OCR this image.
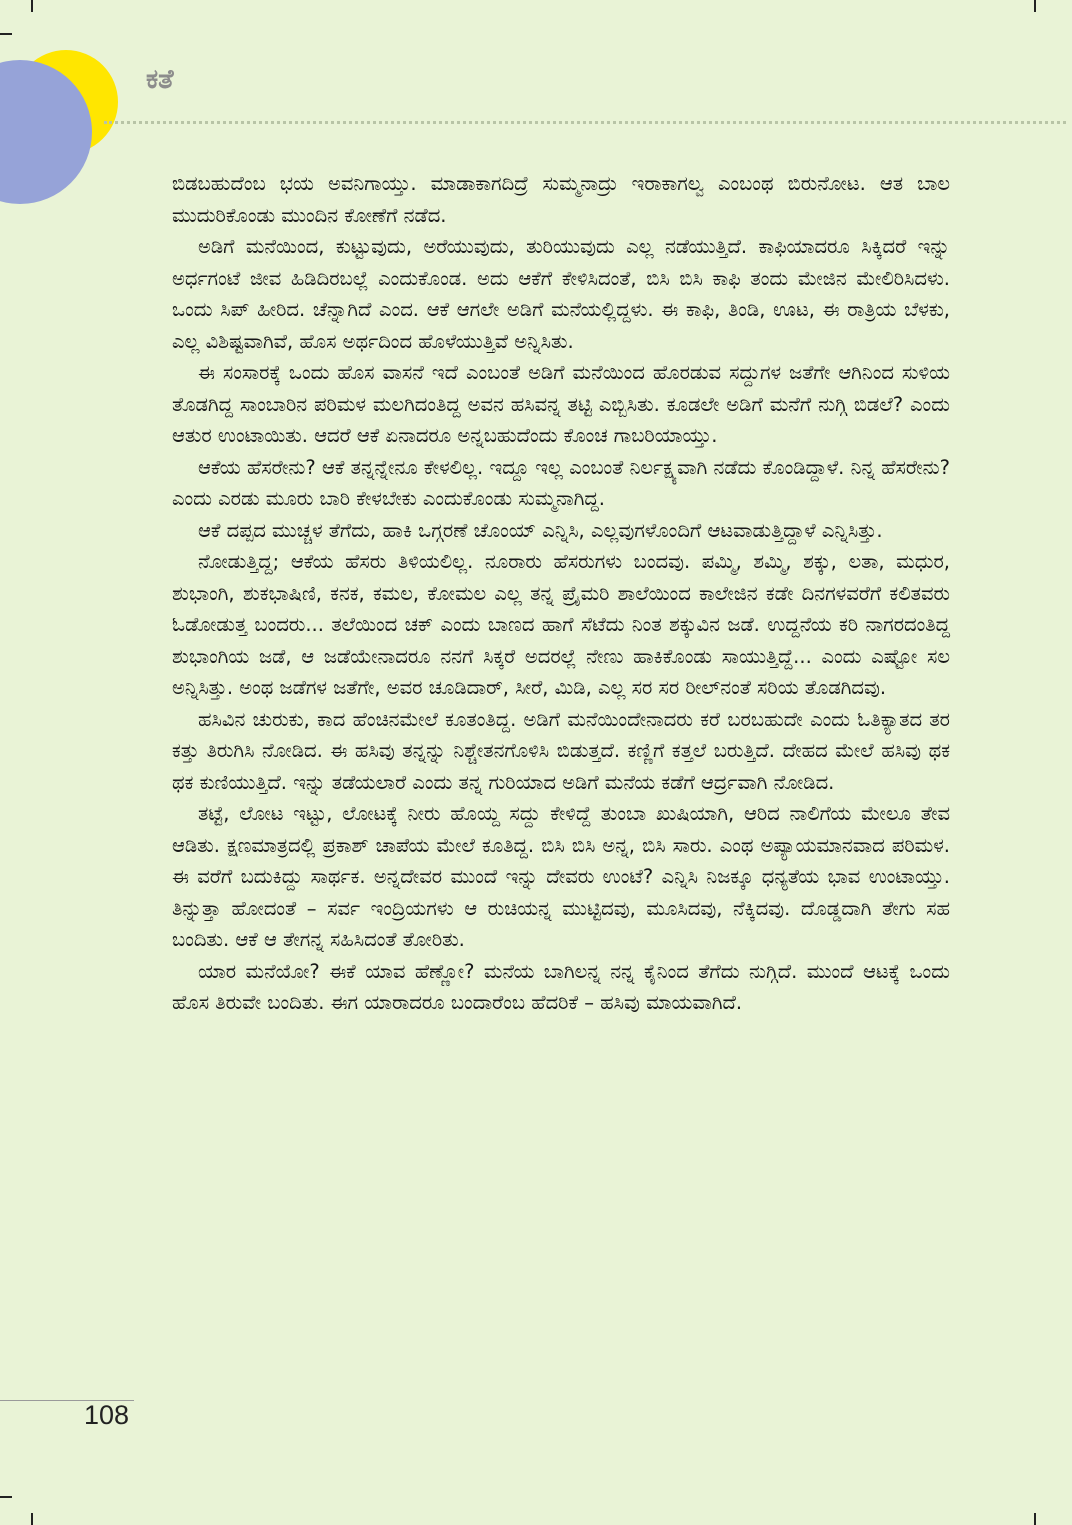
ಕತೆ

ಬಿಡಬಹುದೆಂಬ ಭಯ ಅವನಿಗಾಯ್ತು. ಮಾಡಾಕಾಗದಿದ್ರೆ ಸುಮ್ಮನಾದ್ರು ಇರಾಕಾಗಲ್ವ ಎಂಬಂಥ ಬಿರುನೋಟ. ಆತ ಬಾಲ ಮುದುರಿಕೊಂಡು ಮುಂದಿನ ಕೋಣೆಗೆ ನಡೆದ.

ಅಡಿಗೆ ಮನೆಯಿಂದ, ಕುಟ್ಟುವುದು, ಅರೆಯುವುದು, ತುರಿಯುವುದು ಎಲ್ಲ ನಡೆಯುತ್ತಿದೆ. ಕಾಫಿಯಾದರೂ ಸಿಕ್ಕಿದರೆ ಇನ್ನು ಅರ್ಧಗಂಟೆ ಜೀವ ಹಿಡಿದಿರಬಲ್ಲೆ ಎಂದುಕೊಂಡ. ಅದು ಆಕೆಗೆ ಕೇಳಿಸಿದಂತೆ, ಬಿಸಿ ಬಿಸಿ ಕಾಫಿ ತಂದು ಮೇಜಿನ ಮೇಲಿರಿಸಿದಳು. ಒಂದು ಸಿಪ್ ಹೀರಿದ. ಚೆನ್ನಾಗಿದೆ ಎಂದ. ಆಕೆ ಆಗಲೇ ಅಡಿಗೆ ಮನೆಯಲ್ಲಿದ್ದಳು. ಈ ಕಾಫಿ, ತಿಂಡಿ, ಊಟ, ಈ ರಾತ್ರಿಯ ಬೆಳಕು, ಎಲ್ಲ ವಿಶಿಷ್ಟವಾಗಿವೆ, ಹೊಸ ಅರ್ಥದಿಂದ ಹೊಳೆಯುತ್ತಿವೆ ಅನ್ನಿಸಿತು.

ಈ ಸಂಸಾರಕ್ಕೆ ಒಂದು ಹೊಸ ವಾಸನೆ ಇದೆ ಎಂಬಂತೆ ಅಡಿಗೆ ಮನೆಯಿಂದ ಹೊರಡುವ ಸದ್ದುಗಳ ಜತೆಗೇ ಆಗಿನಿಂದ ಸುಳಿಯ ತೊಡಗಿದ್ದ ಸಾಂಬಾರಿನ ಪರಿಮಳ ಮಲಗಿದಂತಿದ್ದ ಅವನ ಹಸಿವನ್ನ ತಟ್ಟಿ ಎಬ್ಬಿಸಿತು. ಕೂಡಲೇ ಅಡಿಗೆ ಮನೆಗೆ ನುಗ್ಗಿ ಬಿಡಲೆ? ಎಂದು ಆತುರ ಉಂಟಾಯಿತು. ಆದರೆ ಆಕೆ ಏನಾದರೂ ಅನ್ನಬಹುದೆಂದು ಕೊಂಚ ಗಾಬರಿಯಾಯ್ತು.

ಆಕೆಯ ಹೆಸರೇನು? ಆಕೆ ತನ್ನನ್ನೇನೂ ಕೇಳಲಿಲ್ಲ. ಇದ್ದೂ ಇಲ್ಲ ಎಂಬಂತೆ ನಿರ್ಲಕ್ಷ್ಯವಾಗಿ ನಡೆದು ಕೊಂಡಿದ್ದಾಳೆ. ನಿನ್ನ ಹೆಸರೇನು? ಎಂದು ಎರಡು ಮೂರು ಬಾರಿ ಕೇಳಬೇಕು ಎಂದುಕೊಂಡು ಸುಮ್ಮನಾಗಿದ್ದ.

ಆಕೆ ದಪ್ಪದ ಮುಚ್ಚಳ ತೆಗೆದು, ಹಾಕಿ ಒಗ್ಗರಣೆ ಚೊಂಯ್ ಎನ್ನಿಸಿ, ಎಲ್ಲವುಗಳೊಂದಿಗೆ ಆಟವಾಡುತ್ತಿದ್ದಾಳೆ ಎನ್ನಿಸಿತ್ತು.

ನೋಡುತ್ತಿದ್ದ; ಆಕೆಯ ಹೆಸರು ತಿಳಿಯಲಿಲ್ಲ. ನೂರಾರು ಹೆಸರುಗಳು ಬಂದವು. ಪಮ್ಮಿ, ಶಮ್ಮಿ, ಶಕ್ಕು, ಲತಾ, ಮಧುರ, ಶುಭಾಂಗಿ, ಶುಕಭಾಷಿಣಿ, ಕನಕ, ಕಮಲ, ಕೋಮಲ ಎಲ್ಲ ತನ್ನ ಪ್ರೈಮರಿ ಶಾಲೆಯಿಂದ ಕಾಲೇಜಿನ ಕಡೇ ದಿನಗಳವರೆಗೆ ಕಲಿತವರು ಓಡೋಡುತ್ತ ಬಂದರು... ತಲೆಯಿಂದ ಚಕ್ ಎಂದು ಬಾಣದ ಹಾಗೆ ಸೆಟೆದು ನಿಂತ ಶಕ್ಕುವಿನ ಜಡೆ. ಉದ್ದನೆಯ ಕರಿ ನಾಗರದಂತಿದ್ದ ಶುಭಾಂಗಿಯ ಜಡೆ, ಆ ಜಡೆಯೇನಾದರೂ ನನಗೆ ಸಿಕ್ಕರೆ ಅದರಲ್ಲೆ ನೇಣು ಹಾಕಿಕೊಂಡು ಸಾಯುತ್ತಿದ್ದೆ... ಎಂದು ಎಷ್ಟೋ ಸಲ ಅನ್ನಿಸಿತ್ತು. ಅಂಥ ಜಡೆಗಳ ಜತೆಗೇ, ಅವರ ಚೂಡಿದಾರ್, ಸೀರೆ, ಮಿಡಿ, ಎಲ್ಲ ಸರ ಸರ ರೀಲ್‌ನಂತೆ ಸರಿಯ ತೊಡಗಿದವು.

ಹಸಿವಿನ ಚುರುಕು, ಕಾದ ಹೆಂಚಿನಮೇಲೆ ಕೂತಂತಿದ್ದ. ಅಡಿಗೆ ಮನೆಯಿಂದೇನಾದರು ಕರೆ ಬರಬಹುದೇ ಎಂದು ಓತಿಕ್ಯಾತದ ತರ ಕತ್ತು ತಿರುಗಿಸಿ ನೋಡಿದ. ಈ ಹಸಿವು ತನ್ನನ್ನು ನಿಶ್ಚೇತನಗೊಳಿಸಿ ಬಿಡುತ್ತದೆ. ಕಣ್ಣಿಗೆ ಕತ್ತಲೆ ಬರುತ್ತಿದೆ. ದೇಹದ ಮೇಲೆ ಹಸಿವು ಥಕ ಥಕ ಕುಣಿಯುತ್ತಿದೆ. ಇನ್ನು ತಡೆಯಲಾರೆ ಎಂದು ತನ್ನ ಗುರಿಯಾದ ಅಡಿಗೆ ಮನೆಯ ಕಡೆಗೆ ಆರ್ದ್ರವಾಗಿ ನೋಡಿದ.

ತಟ್ಟೆ, ಲೋಟ ಇಟ್ಟು, ಲೋಟಕ್ಕೆ ನೀರು ಹೊಯ್ದ ಸದ್ದು ಕೇಳಿದ್ದೆ ತುಂಬಾ ಖುಷಿಯಾಗಿ, ಆರಿದ ನಾಲಿಗೆಯ ಮೇಲೂ ತೇವ ಆಡಿತು. ಕ್ಷಣಮಾತ್ರದಲ್ಲಿ ಪ್ರಕಾಶ್ ಚಾಪೆಯ ಮೇಲೆ ಕೂತಿದ್ದ. ಬಿಸಿ ಬಿಸಿ ಅನ್ನ, ಬಿಸಿ ಸಾರು. ಎಂಥ ಅಪ್ಯಾಯಮಾನವಾದ ಪರಿಮಳ. ಈ ವರೆಗೆ ಬದುಕಿದ್ದು ಸಾರ್ಥಕ. ಅನ್ನದೇವರ ಮುಂದೆ ಇನ್ನು ದೇವರು ಉಂಟೆ? ಎನ್ನಿಸಿ ನಿಜಕ್ಕೂ ಧನ್ಯತೆಯ ಭಾವ ಉಂಟಾಯ್ತು. ತಿನ್ನುತ್ತಾ ಹೋದಂತೆ – ಸರ್ವ ಇಂದ್ರಿಯಗಳು ಆ ರುಚಿಯನ್ನ ಮುಟ್ಟಿದವು, ಮೂಸಿದವು, ನೆಕ್ಕಿದವು. ದೊಡ್ಡದಾಗಿ ತೇಗು ಸಹ ಬಂದಿತು. ಆಕೆ ಆ ತೇಗನ್ನ ಸಹಿಸಿದಂತೆ ತೋರಿತು.

ಯಾರ ಮನೆಯೋ? ಈಕೆ ಯಾವ ಹೆಣ್ಣೋ? ಮನೆಯ ಬಾಗಿಲನ್ನ ನನ್ನ ಕೈನಿಂದ ತೆಗೆದು ನುಗ್ಗಿದೆ. ಮುಂದೆ ಆಟಕ್ಕೆ ಒಂದು ಹೊಸ ತಿರುವೇ ಬಂದಿತು. ಈಗ ಯಾರಾದರೂ ಬಂದಾರೆಂಬ ಹೆದರಿಕೆ – ಹಸಿವು ಮಾಯವಾಗಿದೆ.

108
